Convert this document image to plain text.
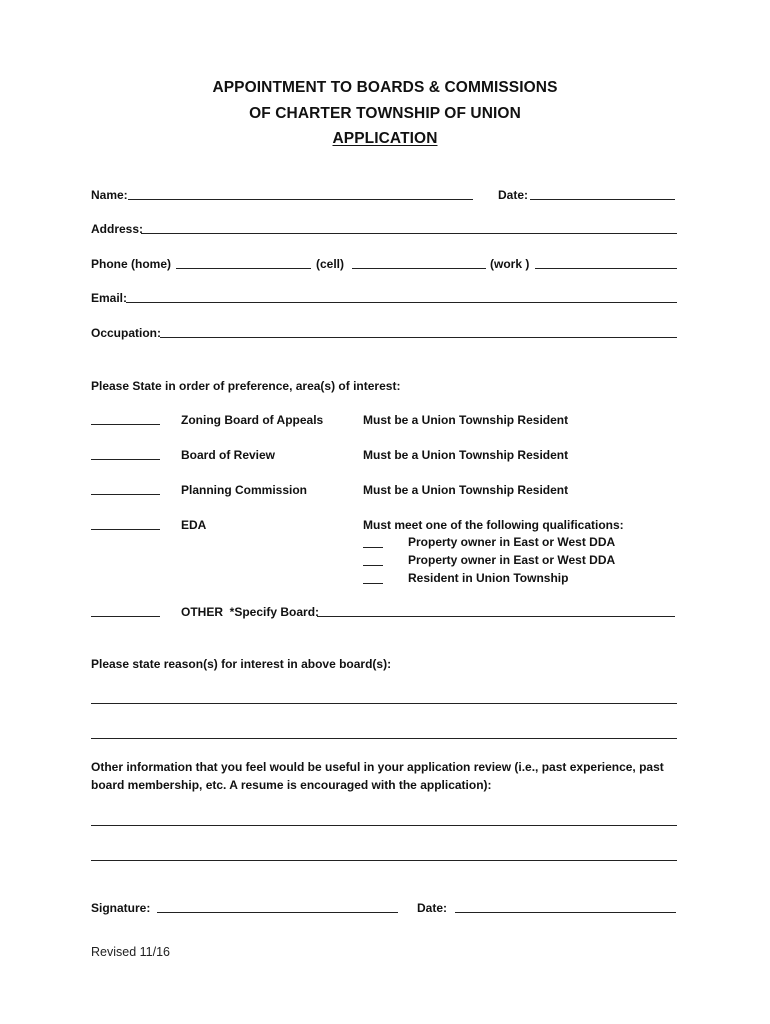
APPOINTMENT TO BOARDS & COMMISSIONS
OF CHARTER TOWNSHIP OF UNION
APPLICATION
Name:	Date:
Address:
Phone (home)	(cell)	(work )
Email:
Occupation:
Please State in order of preference, area(s) of interest:
Zoning Board of Appeals	Must be a Union Township Resident
Board of Review	Must be a Union Township Resident
Planning Commission	Must be a Union Township Resident
EDA	Must meet one of the following qualifications:
Property owner in East or West DDA
Property owner in East or West DDA
Resident in Union Township
OTHER  *Specify Board:
Please state reason(s) for interest in above board(s):
Other information that you feel would be useful in your application review (i.e., past experience, past
board membership, etc. A resume is encouraged with the application):
Signature:	Date:
Revised 11/16
